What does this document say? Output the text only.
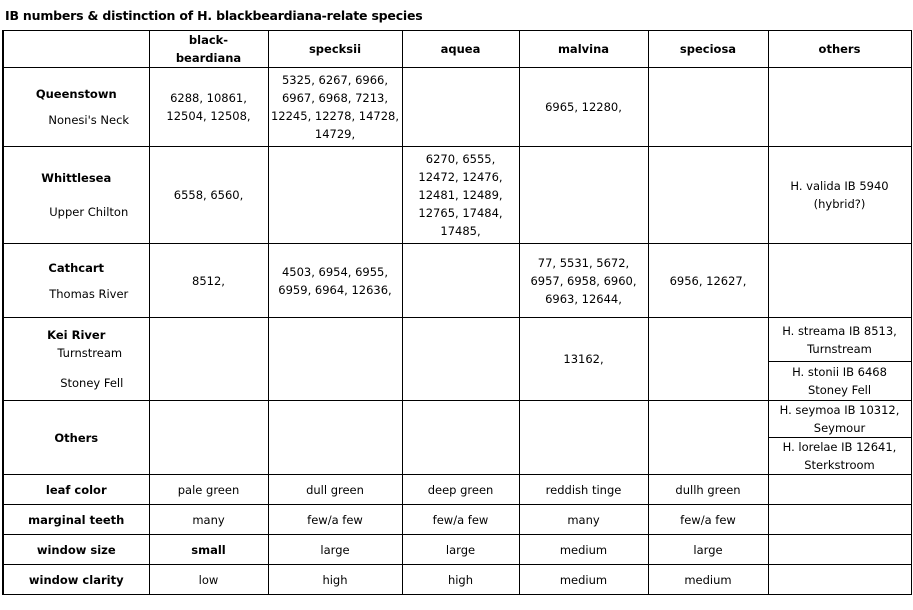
IB numbers & distinction of H. blackbeardiana-relate species
	black-
beardiana	specksii	aquea	malvina	speciosa	others

Queenstown
Nonesi's Neck	6288, 10861, 12504, 12508,	5325, 6267, 6966, 6967, 6968, 7213, 12245, 12278, 14728, 14729,		6965, 12280,		

Whittlesea
Upper Chilton	6558, 6560,		6270, 6555, 12472, 12476, 12481, 12489, 12765, 17484, 17485,			H. valida IB 5940 (hybrid?)

Cathcart
Thomas River	8512,	4503, 6954, 6955, 6959, 6964, 12636,		77, 5531, 5672, 6957, 6958, 6960, 6963, 12644,	6956, 12627,	

Kei River
Turnstream
Stoney Fell				13162,		H. streama IB 8513, Turnstream
						H. stonii IB 6468 Stoney Fell

Others						H. seymoa IB 10312, Seymour
						H. lorelae IB 12641, Sterkstroom
leaf color	pale green	dull green	deep green	reddish tinge	dullh green	
marginal teeth	many	few/a few	few/a few	many	few/a few	
window size	small	large	large	medium	large	
window clarity	low	high	high	medium	medium	
